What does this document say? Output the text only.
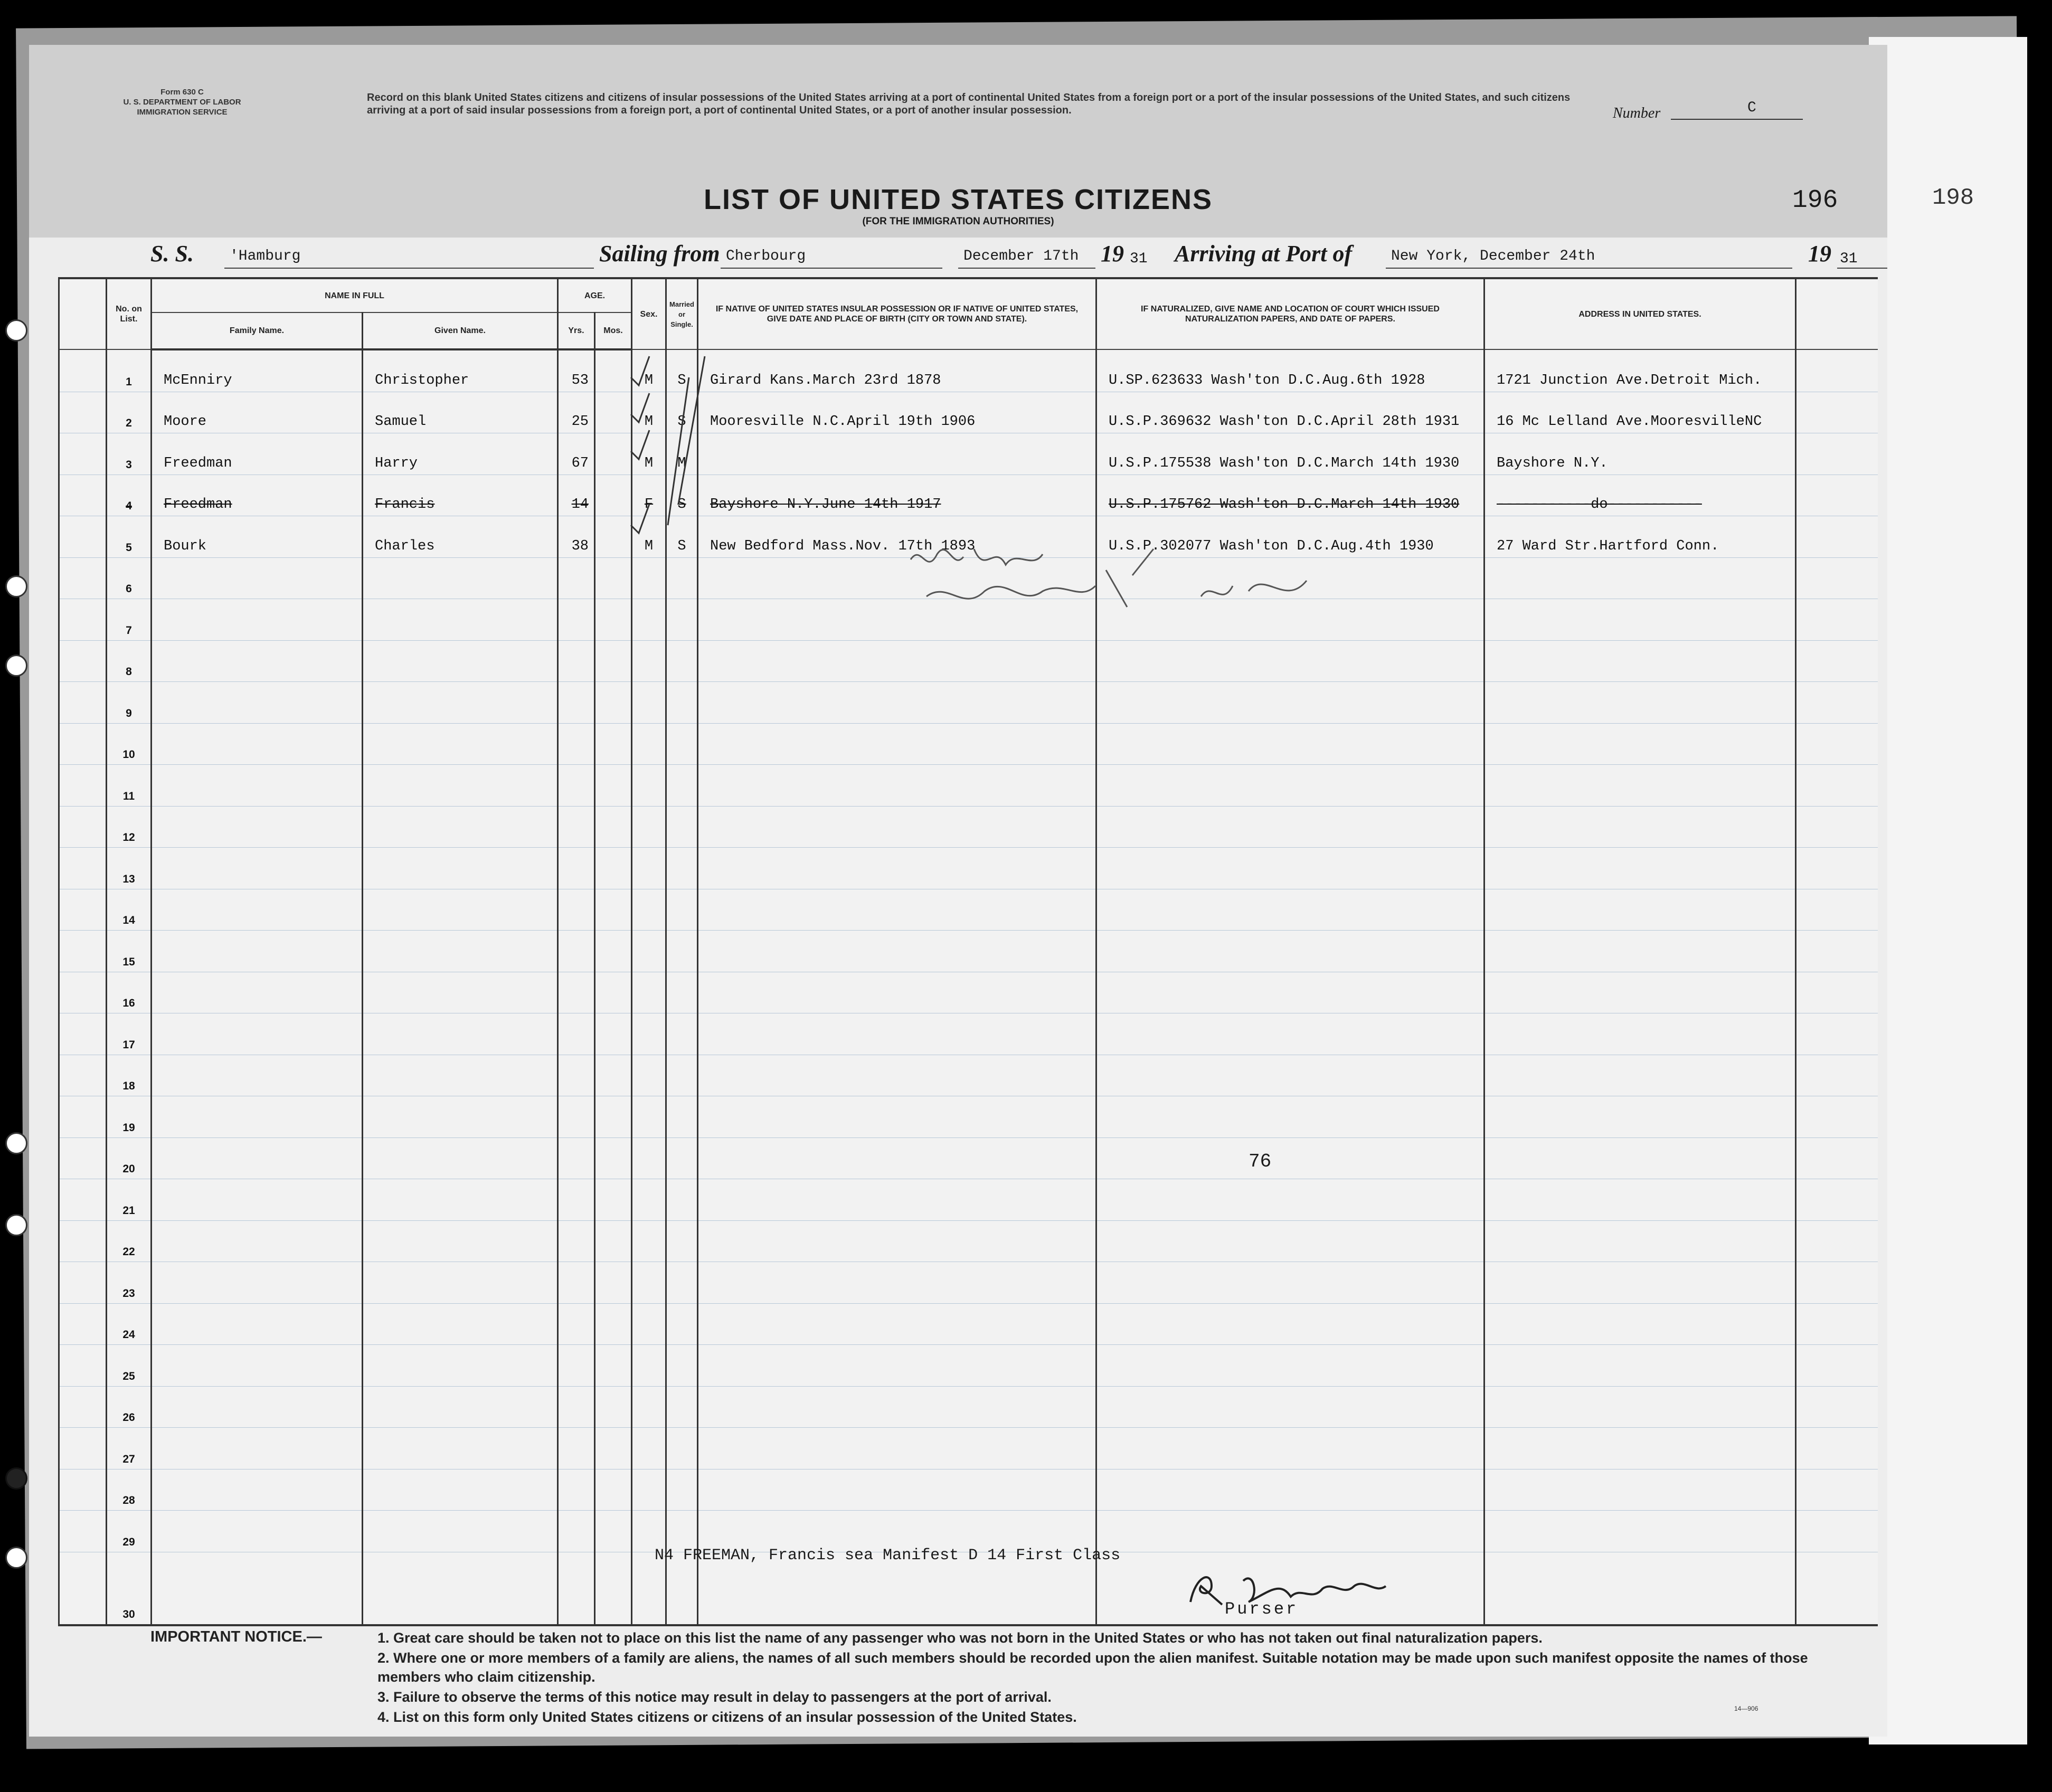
198
Form 630 C
U. S. DEPARTMENT OF LABOR
IMMIGRATION SERVICE
Record on this blank United States citizens and citizens of insular possessions of the United States arriving at a port of continental United States from a foreign port or a port of the insular possessions of the United States, and such citizens arriving at a port of said insular possessions from a foreign port, a port of continental United States, or a port of another insular possession.	Number	C
LIST OF UNITED STATES CITIZENS
(FOR THE IMMIGRATION AUTHORITIES)
196
S. S. 'Hamburg	Sailing from Cherbourg	December 17th 19 31 Arriving at Port of	New York, December 24th	19 31
	No. on List.	NAME IN FULL		AGE.		Sex.	Married or Single.	IF NATIVE OF UNITED STATES INSULAR POSSESSION OR IF NATIVE OF UNITED STATES, GIVE DATE AND PLACE OF BIRTH (CITY OR TOWN AND STATE).	IF NATURALIZED, GIVE NAME AND LOCATION OF COURT WHICH ISSUED NATURALIZATION PAPERS, AND DATE OF PAPERS.	ADDRESS IN UNITED STATES.	
		Family Name.	Given Name.	Yrs.	Mos.						
	1	McEnniry	Christopher	53		M	S	Girard Kans.March 23rd 1878	U.SP.623633 Wash'ton D.C.Aug.6th 1928	1721 Junction Ave.Detroit Mich.	
	2	Moore	Samuel	25		M	S	Mooresville N.C.April 19th 1906	U.S.P.369632 Wash'ton D.C.April 28th 1931	16 Mc Lelland Ave.MooresvilleNC	
	3	Freedman	Harry	67		M	M		U.S.P.175538 Wash'ton D.C.March 14th 1930	Bayshore N.Y.	
	4	Freedman	Francis	14		F	S	Bayshore N.Y.June 14th 1917	U.S.P.175762 Wash'ton D.C.March 14th 1930	-----------do-----------	
	5	Bourk	Charles	38		M	S	New Bedford Mass.Nov. 17th 1893	U.S.P.302077 Wash'ton D.C.Aug.4th 1930	27 Ward Str.Hartford Conn.	
	6										
	7										
	8										
	9										
	10										
	11										
	12										
	13										
	14										
	15										
	16										
	17										
	18										
	19										
	20										
	21										
	22										
	23										
	24										
	25										
	26										
	27										
	28										
	29										
	30										
76
N4 FREEMAN, Francis sea Manifest D 14 First Class
Purser
IMPORTANT NOTICE.—	1. Great care should be taken not to place on this list the name of any passenger who was not born in the United States or who has not taken out final naturalization papers.
2. Where one or more members of a family are aliens, the names of all such members should be recorded upon the alien manifest. Suitable notation may be made upon such manifest opposite the names of those members who claim citizenship.
3. Failure to observe the terms of this notice may result in delay to passengers at the port of arrival.
4. List on this form only United States citizens or citizens of an insular possession of the United States.
14—906
